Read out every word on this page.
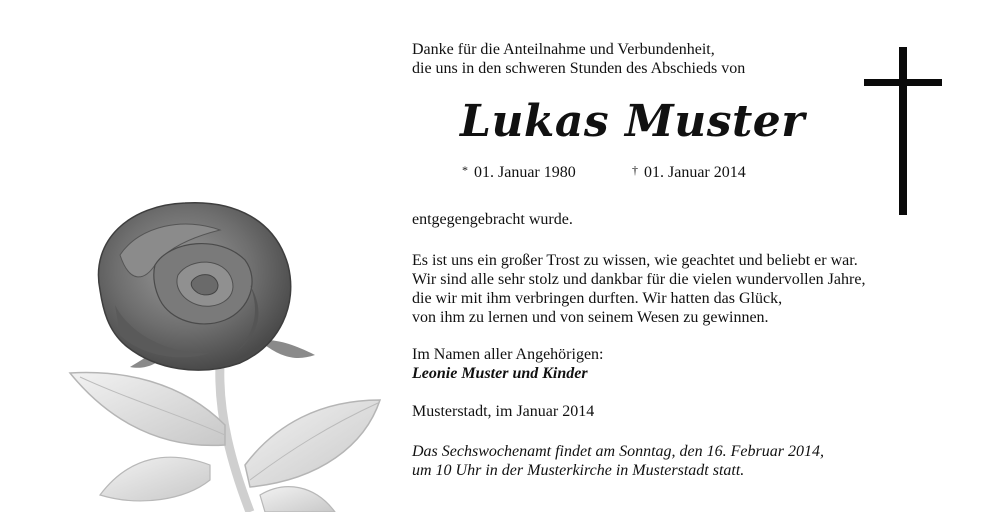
Danke für die Anteilnahme und Verbundenheit,
die uns in den schweren Stunden des Abschieds von
Lukas Muster
* 01. Januar 1980	† 01. Januar 2014
entgegengebracht wurde.
Es ist uns ein großer Trost zu wissen, wie geachtet und beliebt er war.
Wir sind alle sehr stolz und dankbar für die vielen wundervollen Jahre,
die wir mit ihm verbringen durften. Wir hatten das Glück,
von ihm zu lernen und von seinem Wesen zu gewinnen.
Im Namen aller Angehörigen:
Leonie Muster und Kinder
Musterstadt, im Januar 2014
Das Sechswochenamt findet am Sonntag, den 16. Februar 2014,
um 10 Uhr in der Musterkirche in Musterstadt statt.
